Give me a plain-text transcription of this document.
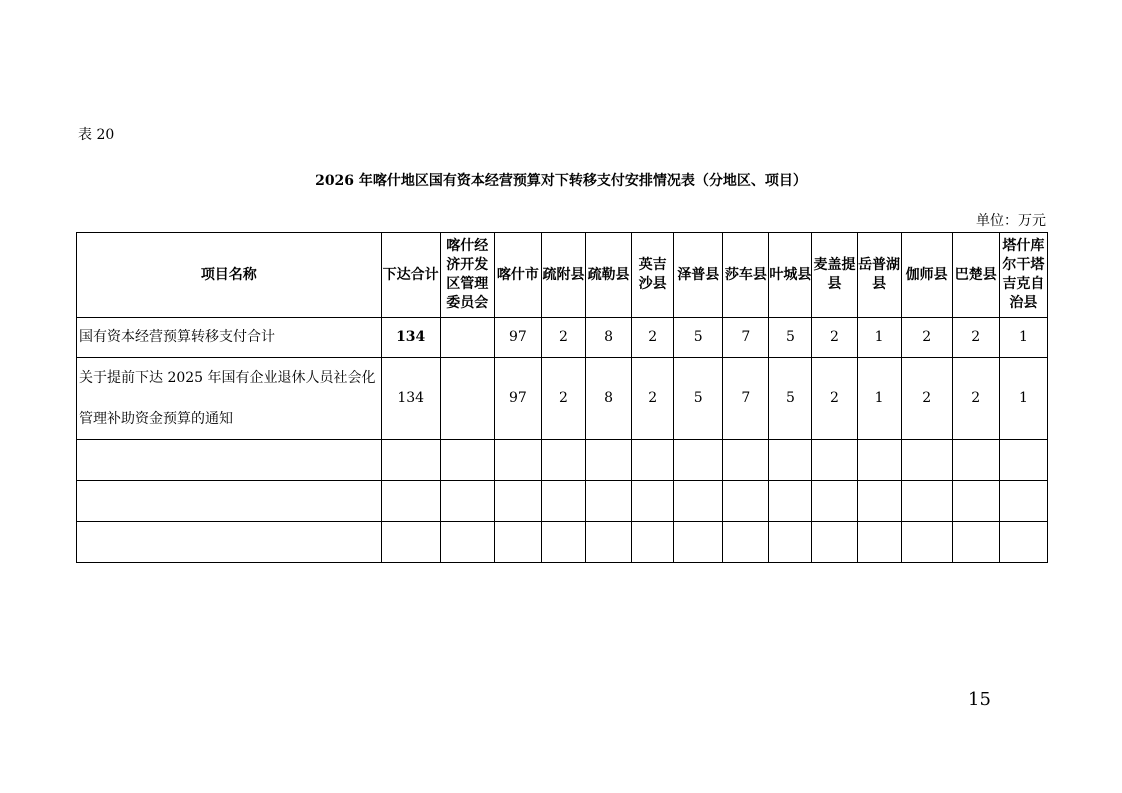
表 20
2026 年喀什地区国有资本经营预算对下转移支付安排情况表（分地区、项目）
单位：万元
项目名称	下达合计	喀什经济开发区管理委员会	喀什市	疏附县	疏勒县	英吉沙县	泽普县	莎车县	叶城县	麦盖提县	岳普湖县	伽师县	巴楚县	塔什库尔干塔吉克自治县
国有资本经营预算转移支付合计	134		97	2	8	2	5	7	5	2	1	2	2	1
关于提前下达 2025 年国有企业退休人员社会化管理补助资金预算的通知	134		97	2	8	2	5	7	5	2	1	2	2	1

15
